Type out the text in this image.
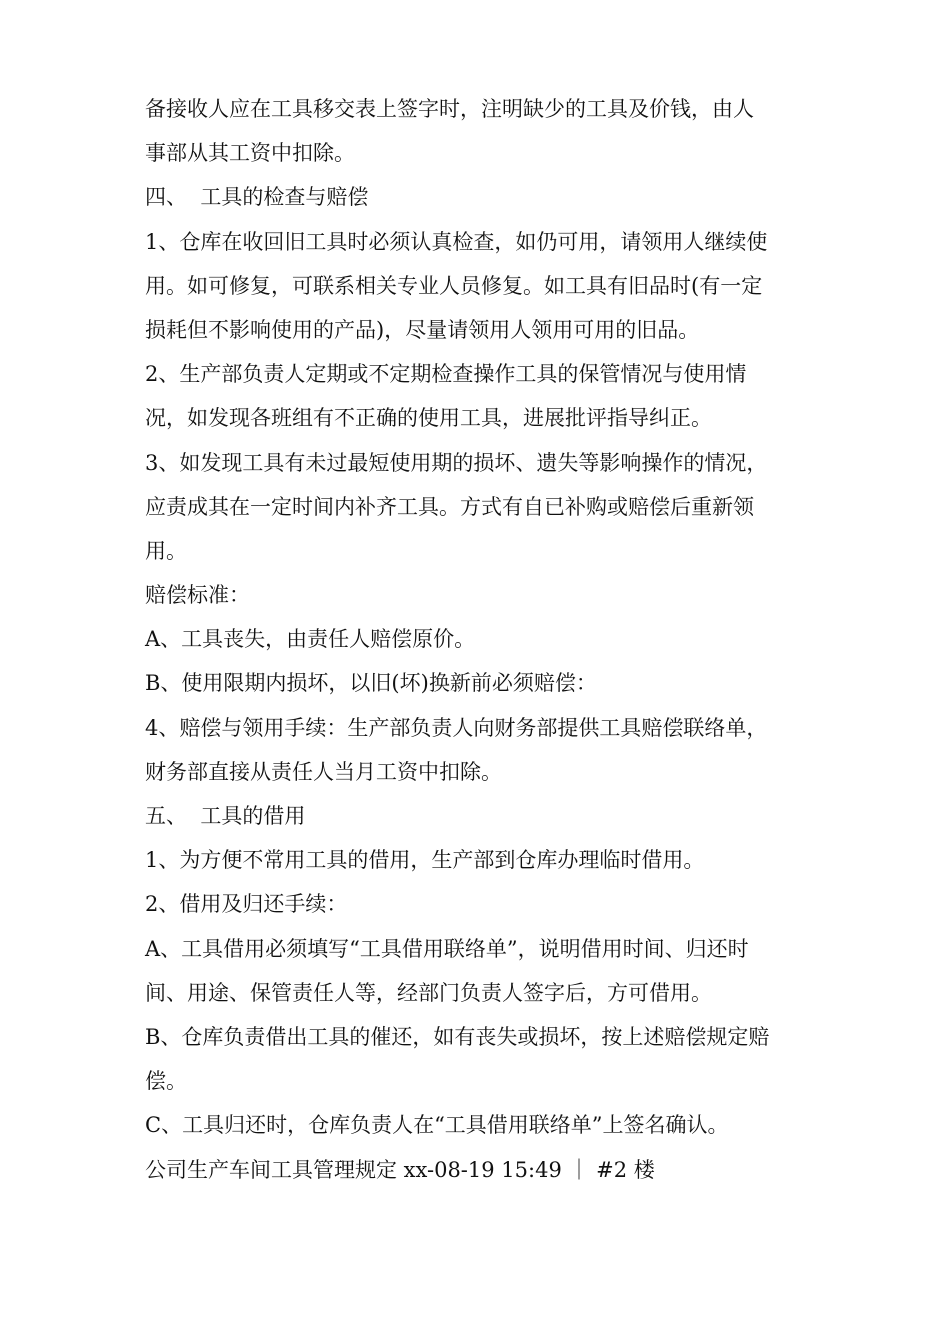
备接收人应在工具移交表上签字时，注明缺少的工具及价钱，由人

事部从其工资中扣除。

四、  工具的检查与赔偿

1、仓库在收回旧工具时必须认真检查，如仍可用，请领用人继续使

用。如可修复，可联系相关专业人员修复。如工具有旧品时(有一定

损耗但不影响使用的产品)，尽量请领用人领用可用的旧品。

2、生产部负责人定期或不定期检查操作工具的保管情况与使用情

况，如发现各班组有不正确的使用工具，进展批评指导纠正。

3、如发现工具有未过最短使用期的损坏、遗失等影响操作的情况，

应责成其在一定时间内补齐工具。方式有自已补购或赔偿后重新领

用。

赔偿标准：

A、工具丧失，由责任人赔偿原价。

B、使用限期内损坏，以旧(坏)换新前必须赔偿：

4、赔偿与领用手续：生产部负责人向财务部提供工具赔偿联络单，

财务部直接从责任人当月工资中扣除。

五、  工具的借用

1、为方便不常用工具的借用，生产部到仓库办理临时借用。

2、借用及归还手续：

A、工具借用必须填写“工具借用联络单”，说明借用时间、归还时

间、用途、保管责任人等，经部门负责人签字后，方可借用。

B、仓库负责借出工具的催还，如有丧失或损坏，按上述赔偿规定赔

偿。

C、工具归还时，仓库负责人在“工具借用联络单”上签名确认。

公司生产车间工具管理规定 xx-08-19 15:49 ｜ #2 楼
